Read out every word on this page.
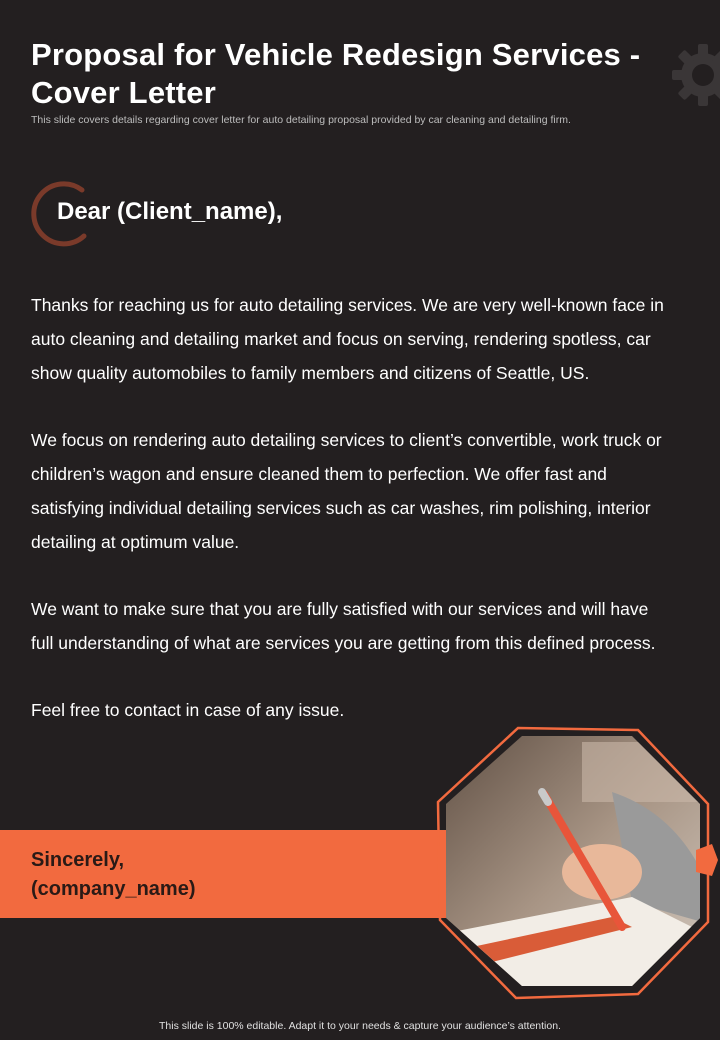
Proposal for Vehicle Redesign Services - Cover Letter
This slide covers details regarding cover letter for auto detailing proposal provided by car cleaning and detailing firm.
Dear (Client_name),

Thanks for reaching us for auto detailing services. We are very well-known face in auto cleaning and detailing market and focus on serving, rendering spotless, car show quality automobiles to family members and citizens of Seattle, US.

We focus on rendering auto detailing services to client’s convertible, work truck or children’s wagon and ensure cleaned them to perfection. We offer fast and satisfying individual detailing services such as car washes, rim polishing, interior detailing at optimum value.

We want to make sure that you are fully satisfied with our services and will have full understanding of what are services you are getting from this defined process.

Feel free to contact in case of any issue.

Sincerely,
(company_name)
This slide is 100% editable. Adapt it to your needs & capture your audience’s attention.
